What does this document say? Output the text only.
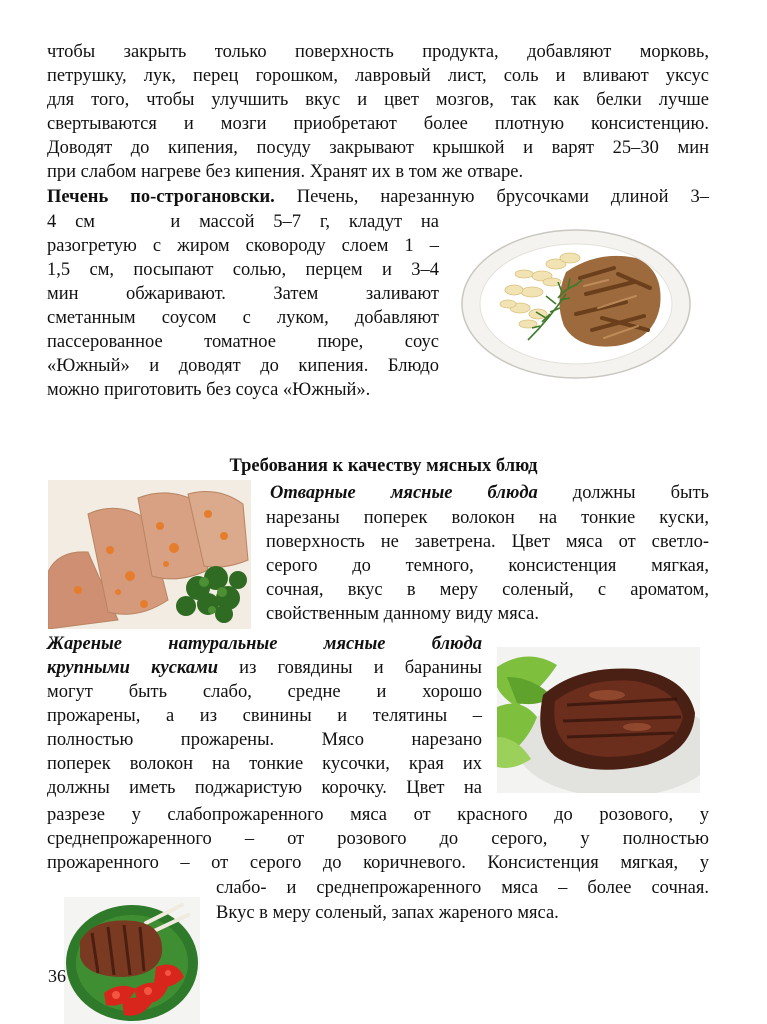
чтобы закрыть только поверхность продукта, добавляют морковь,
петрушку, лук, перец горошком, лавровый лист, соль и вливают уксус
для того, чтобы улучшить вкус и цвет мозгов, так как белки лучше
свертываются и мозги приобретают более плотную консистенцию.
Доводят до кипения, посуду закрывают крышкой и варят 25–30 мин
при слабом нагреве без кипения. Хранят их в том же отваре.
Печень по-строгановски. Печень, нарезанную брусочками длиной 3–
4 см    и массой 5–7 г, кладут на
разогретую с жиром сковороду слоем 1 –
1,5 см, посыпают солью, перцем и 3–4
мин обжаривают. Затем заливают
сметанным соусом с луком, добавляют
пассерованное томатное пюре, соус
«Южный» и доводят до кипения. Блюдо
можно приготовить без соуса «Южный».
Требования к качеству мясных блюд
Отварные мясные блюда должны быть
нарезаны поперек волокон на тонкие куски,
поверхность не заветрена. Цвет мяса от светло-
серого до темного, консистенция мягкая,
сочная, вкус в меру соленый, с ароматом,
свойственным данному виду мяса.
Жареные натуральные мясные блюда
крупными кусками из говядины и баранины
могут быть слабо, средне и хорошо
прожарены, а из свинины и телятины –
полностью прожарены. Мясо нарезано
поперек волокон на тонкие кусочки, края их
должны иметь поджаристую корочку. Цвет на
разрезе у слабопрожаренного мяса от красного до розового, у
среднепрожаренного – от розового до серого, у полностью
прожаренного – от серого до коричневого. Консистенция мягкая, у
слабо- и среднепрожаренного мяса – более сочная.
Вкус в меру соленый, запах жареного мяса.
36
